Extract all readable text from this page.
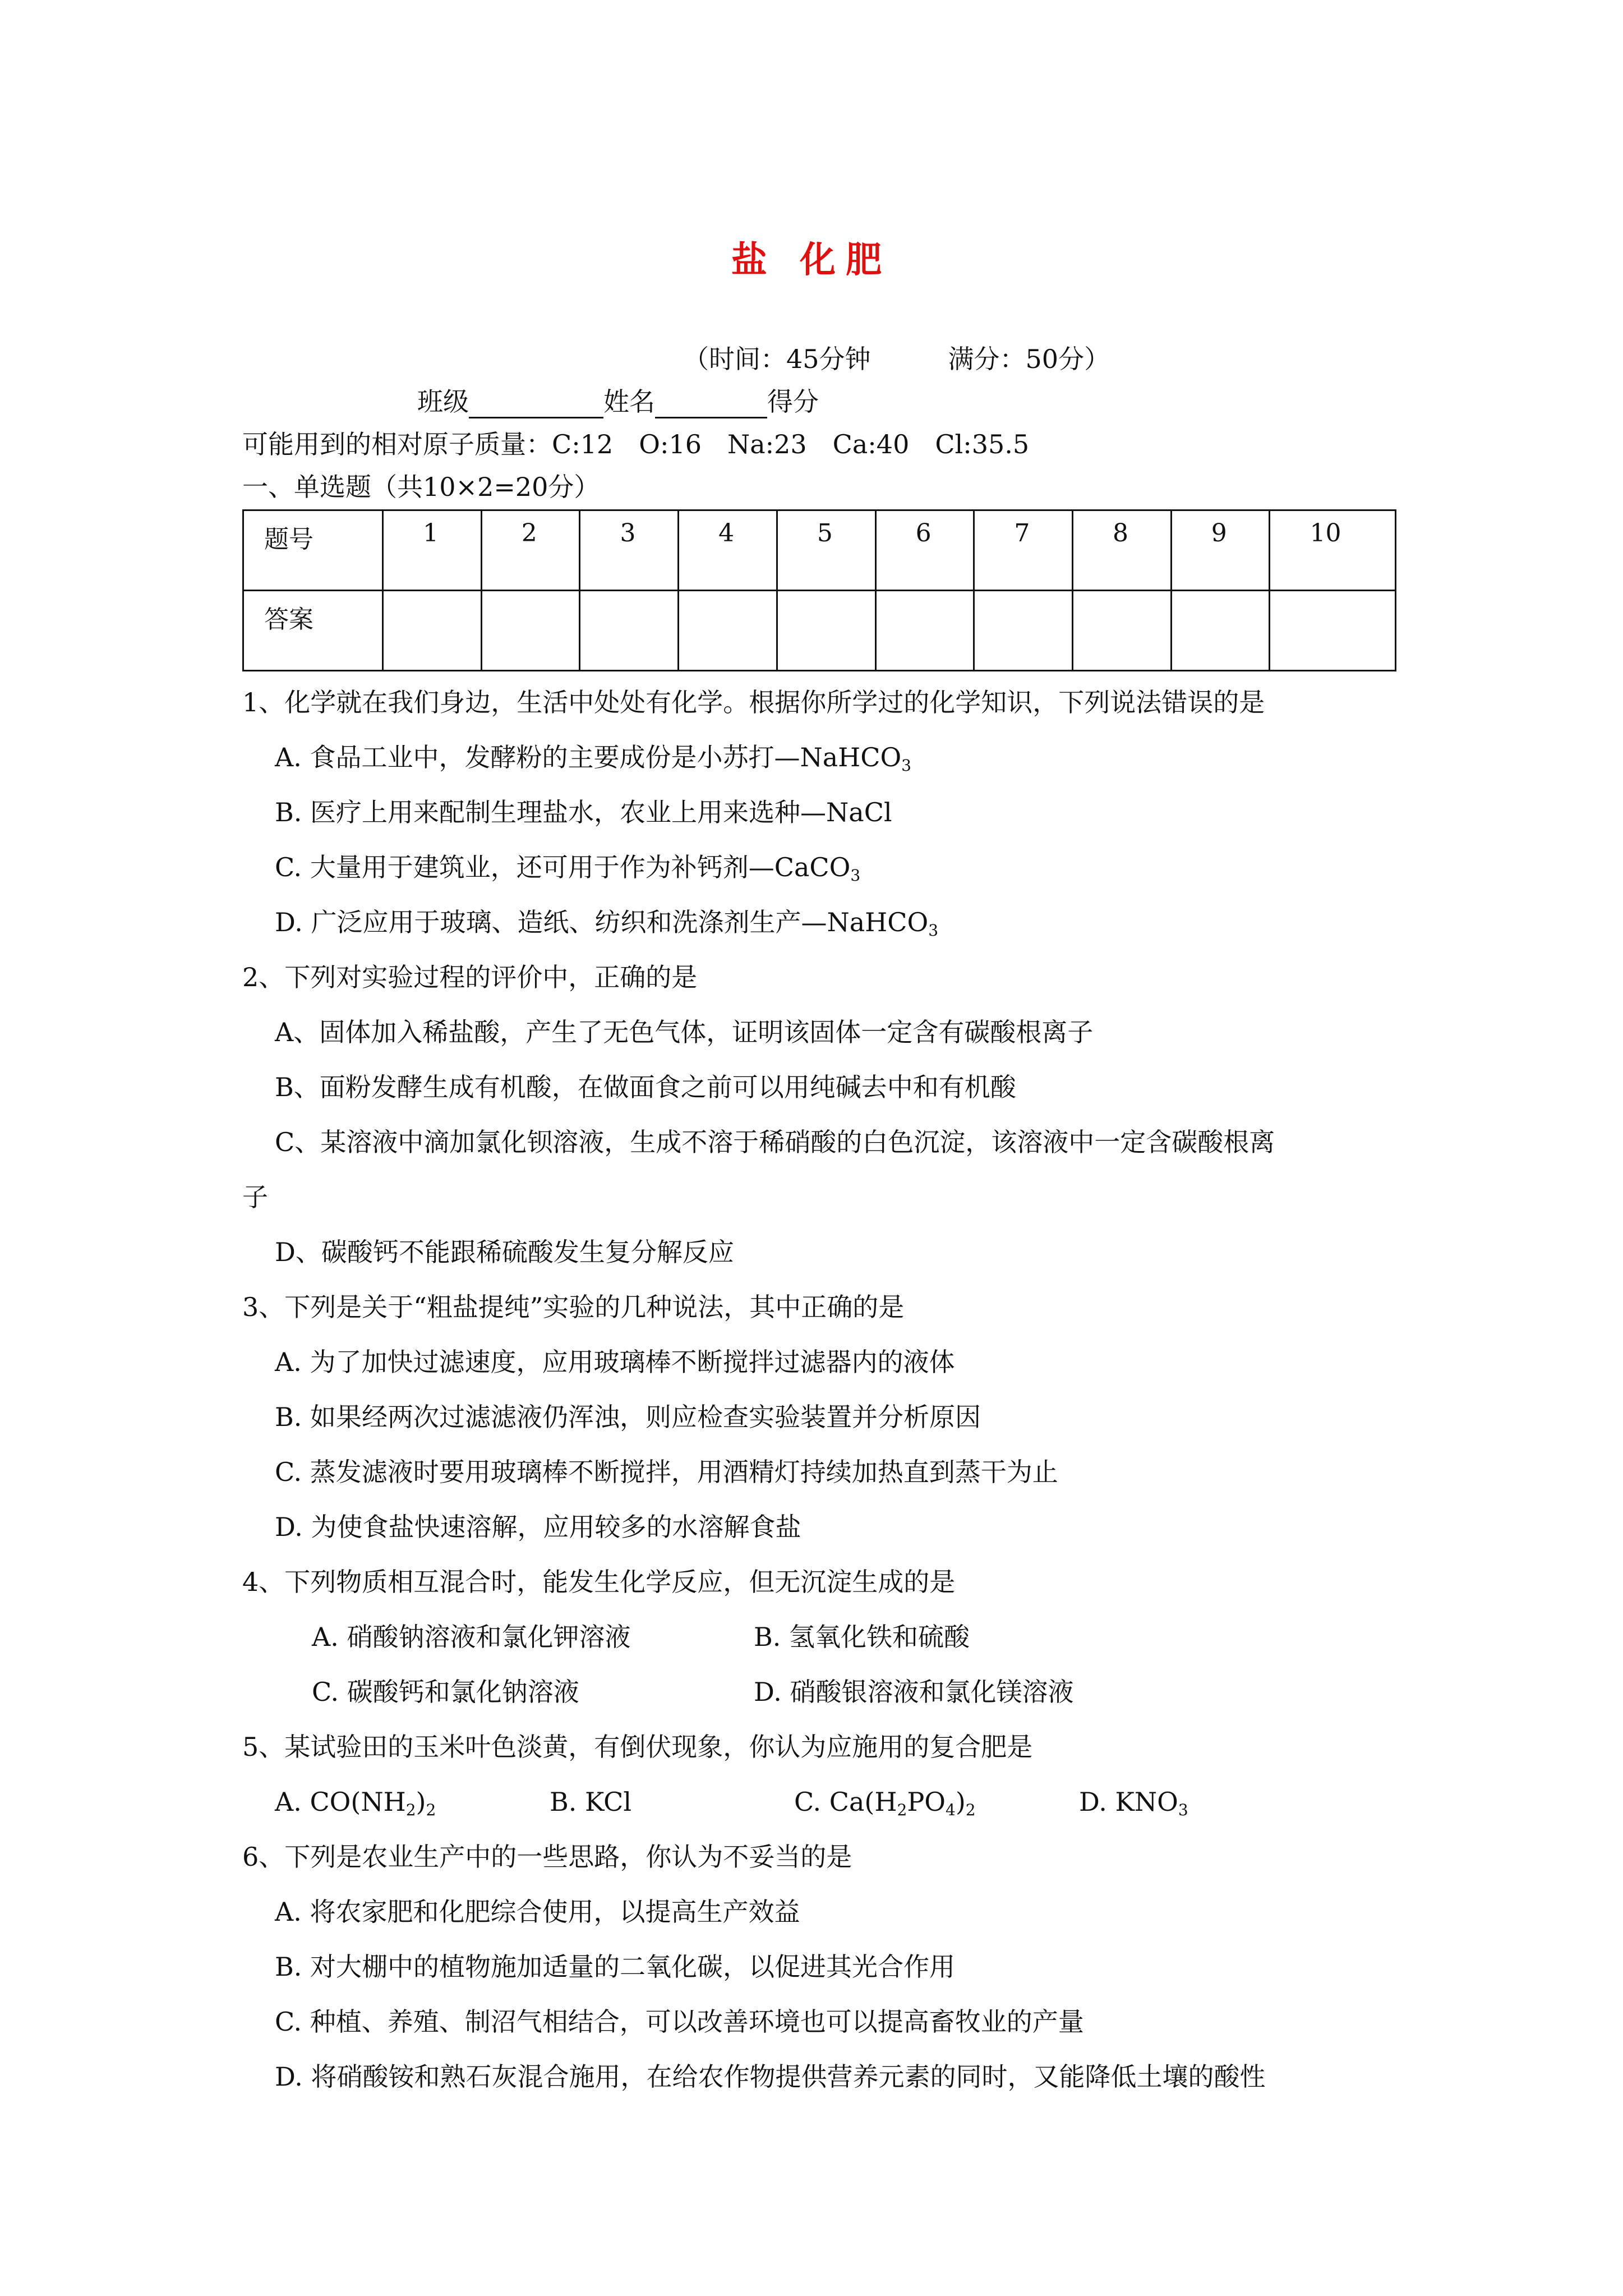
盐 化肥
（时间：45分钟　　　满分：50分）
班级	姓名	得分
可能用到的相对原子质量：C:12　O:16　Na:23　Ca:40　Cl:35.5
一、单选题（共10×2=20分）
题号	1	2	3	4	5	6	7	8	9	10
答案										
1、化学就在我们身边，生活中处处有化学。根据你所学过的化学知识，下列说法错误的是
A. 食品工业中，发酵粉的主要成份是小苏打—NaHCO$_3$
B. 医疗上用来配制生理盐水，农业上用来选种—NaCl
C. 大量用于建筑业，还可用于作为补钙剂—CaCO$_3$
D. 广泛应用于玻璃、造纸、纺织和洗涤剂生产—NaHCO$_3$
2、下列对实验过程的评价中，正确的是
A、固体加入稀盐酸，产生了无色气体，证明该固体一定含有碳酸根离子
B、面粉发酵生成有机酸，在做面食之前可以用纯碱去中和有机酸
C、某溶液中滴加氯化钡溶液，生成不溶于稀硝酸的白色沉淀，该溶液中一定含碳酸根离
子
D、碳酸钙不能跟稀硫酸发生复分解反应
3、下列是关于“粗盐提纯”实验的几种说法，其中正确的是
A. 为了加快过滤速度，应用玻璃棒不断搅拌过滤器内的液体
B. 如果经两次过滤滤液仍浑浊，则应检查实验装置并分析原因
C. 蒸发滤液时要用玻璃棒不断搅拌，用酒精灯持续加热直到蒸干为止
D. 为使食盐快速溶解，应用较多的水溶解食盐
4、下列物质相互混合时，能发生化学反应，但无沉淀生成的是
A. 硝酸钠溶液和氯化钾溶液	B. 氢氧化铁和硫酸
C. 碳酸钙和氯化钠溶液	D. 硝酸银溶液和氯化镁溶液
5、某试验田的玉米叶色淡黄，有倒伏现象，你认为应施用的复合肥是
A. $CO(NH_2)_2$	B. KCl	C. $Ca(H_2PO_4)_2$	D. $KNO_3$
6、下列是农业生产中的一些思路，你认为不妥当的是
A. 将农家肥和化肥综合使用，以提高生产效益
B. 对大棚中的植物施加适量的二氧化碳，以促进其光合作用
C. 种植、养殖、制沼气相结合，可以改善环境也可以提高畜牧业的产量
D. 将硝酸铵和熟石灰混合施用，在给农作物提供营养元素的同时，又能降低土壤的酸性
